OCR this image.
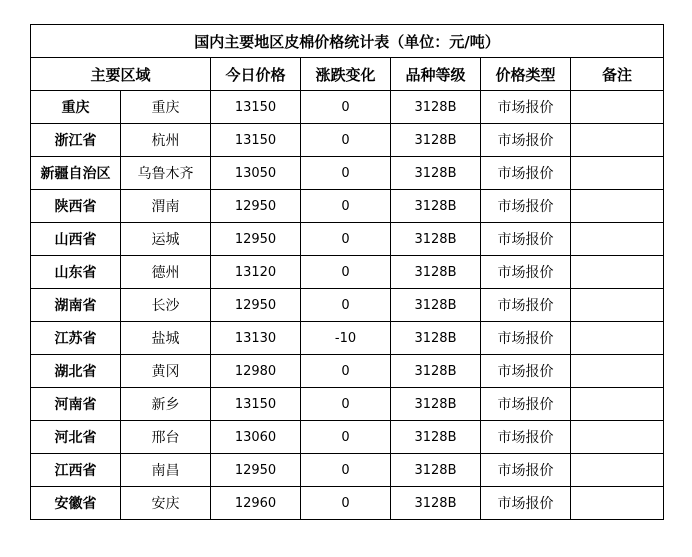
国内主要地区皮棉价格统计表（单位：元/吨）						
主要区域		今日价格	涨跌变化	品种等级	价格类型	备注
重庆	重庆	13150	0	3128B	市场报价	
浙江省	杭州	13150	0	3128B	市场报价	
新疆自治区	乌鲁木齐	13050	0	3128B	市场报价	
陕西省	渭南	12950	0	3128B	市场报价	
山西省	运城	12950	0	3128B	市场报价	
山东省	德州	13120	0	3128B	市场报价	
湖南省	长沙	12950	0	3128B	市场报价	
江苏省	盐城	13130	-10	3128B	市场报价	
湖北省	黄冈	12980	0	3128B	市场报价	
河南省	新乡	13150	0	3128B	市场报价	
河北省	邢台	13060	0	3128B	市场报价	
江西省	南昌	12950	0	3128B	市场报价	
安徽省	安庆	12960	0	3128B	市场报价	
